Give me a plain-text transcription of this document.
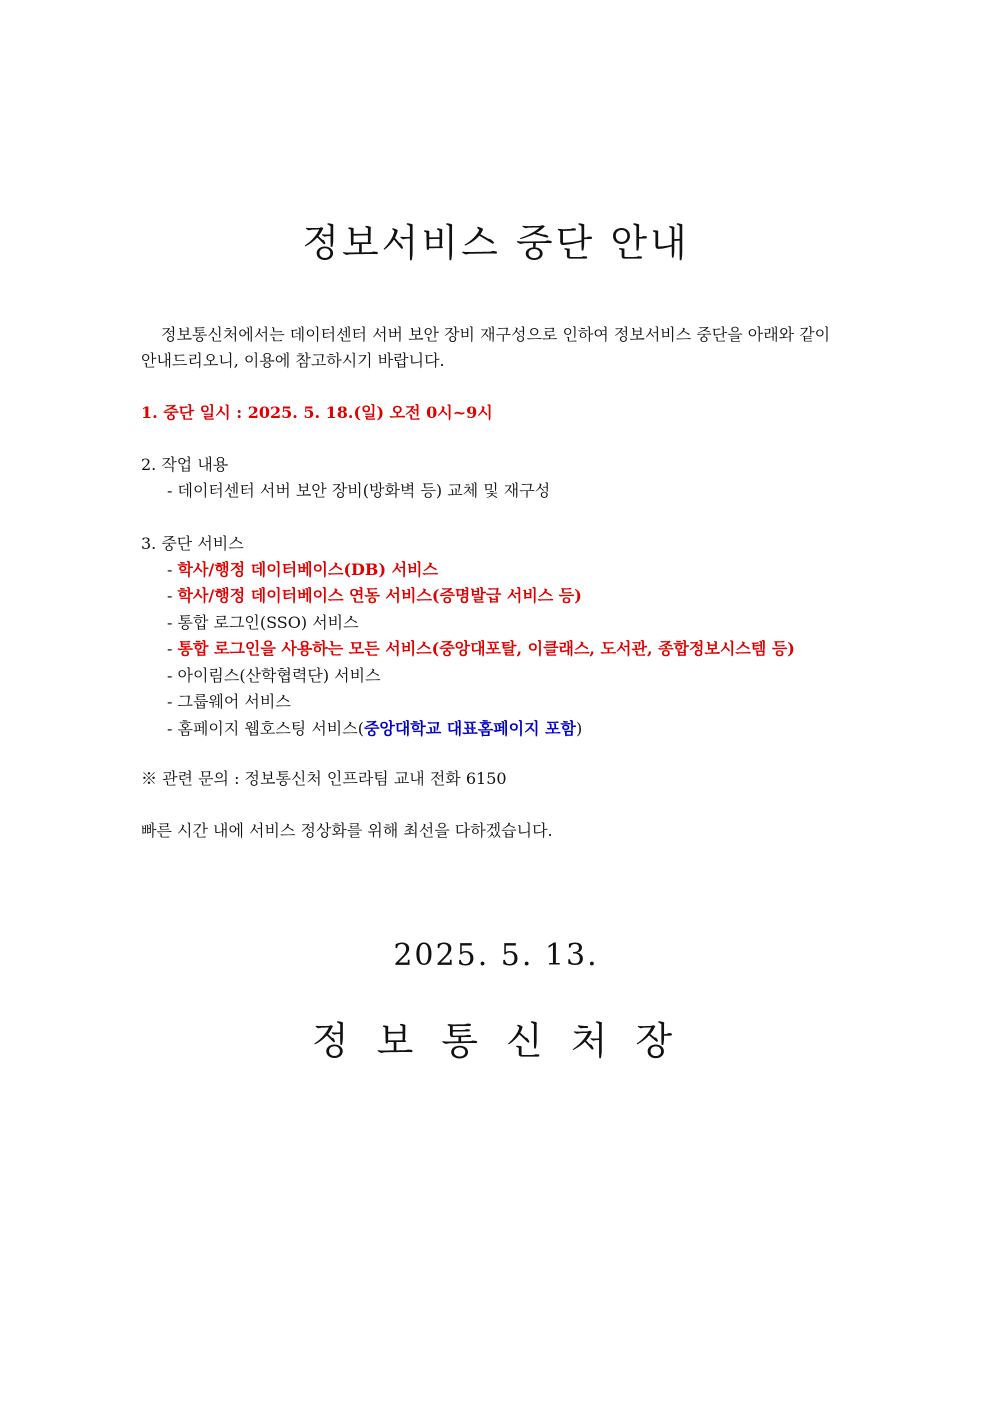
정보서비스 중단 안내
정보통신처에서는 데이터센터 서버 보안 장비 재구성으로 인하여 정보서비스 중단을 아래와 같이
안내드리오니, 이용에 참고하시기 바랍니다.
1. 중단 일시 : 2025. 5. 18.(일) 오전 0시~9시
2. 작업 내용
- 데이터센터 서버 보안 장비(방화벽 등) 교체 및 재구성
3. 중단 서비스
- 학사/행정 데이터베이스(DB) 서비스
- 학사/행정 데이터베이스 연동 서비스(증명발급 서비스 등)
- 통합 로그인(SSO) 서비스
- 통합 로그인을 사용하는 모든 서비스(중앙대포탈, 이클래스, 도서관, 종합정보시스템 등)
- 아이림스(산학협력단) 서비스
- 그룹웨어 서비스
- 홈페이지 웹호스팅 서비스(중앙대학교 대표홈페이지 포함)
※ 관련 문의 : 정보통신처 인프라팀 교내 전화 6150
빠른 시간 내에 서비스 정상화를 위해 최선을 다하겠습니다.
2025. 5. 13.
정보통신처장
